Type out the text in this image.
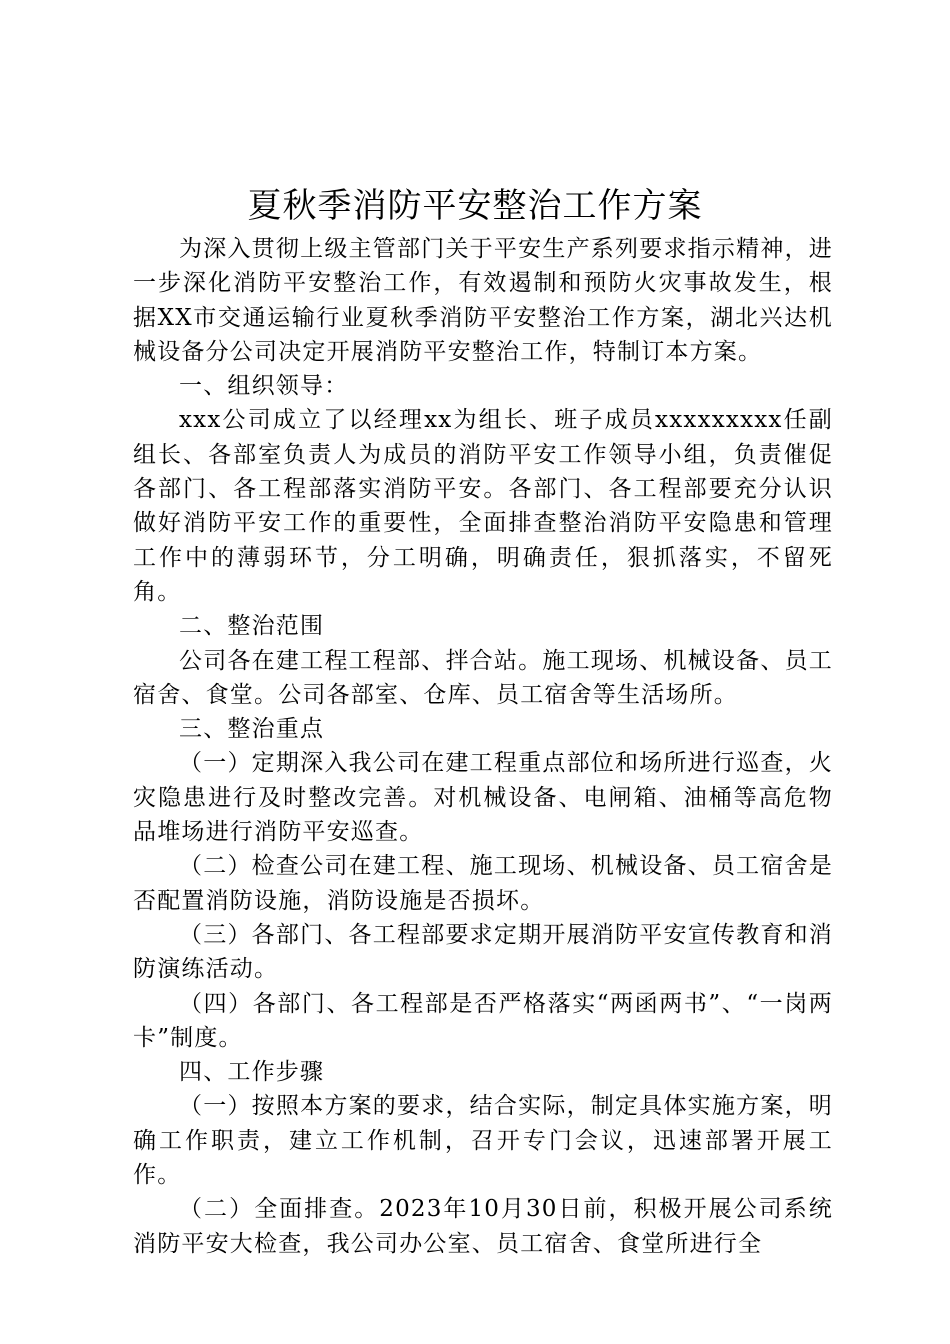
夏秋季消防平安整治工作方案

为深入贯彻上级主管部门关于平安生产系列要求指示精神，进一步深化消防平安整治工作，有效遏制和预防火灾事故发生，根据XX市交通运输行业夏秋季消防平安整治工作方案，湖北兴达机械设备分公司决定开展消防平安整治工作，特制订本方案。

一、组织领导：

xxx公司成立了以经理xx为组长、班子成员xxxxxxxxx任副组长、各部室负责人为成员的消防平安工作领导小组，负责催促各部门、各工程部落实消防平安。各部门、各工程部要充分认识做好消防平安工作的重要性，全面排查整治消防平安隐患和管理工作中的薄弱环节，分工明确，明确责任，狠抓落实，不留死角。

二、整治范围

公司各在建工程工程部、拌合站。施工现场、机械设备、员工宿舍、食堂。公司各部室、仓库、员工宿舍等生活场所。

三、整治重点

（一）定期深入我公司在建工程重点部位和场所进行巡查，火灾隐患进行及时整改完善。对机械设备、电闸箱、油桶等高危物品堆场进行消防平安巡查。

（二）检查公司在建工程、施工现场、机械设备、员工宿舍是否配置消防设施，消防设施是否损坏。

（三）各部门、各工程部要求定期开展消防平安宣传教育和消防演练活动。

（四）各部门、各工程部是否严格落实“两函两书”、“一岗两卡”制度。

四、工作步骤

（一）按照本方案的要求，结合实际，制定具体实施方案，明确工作职责，建立工作机制，召开专门会议，迅速部署开展工作。

（二）全面排查。2023年10月30日前，积极开展公司系统消防平安大检查，我公司办公室、员工宿舍、食堂所进行全
